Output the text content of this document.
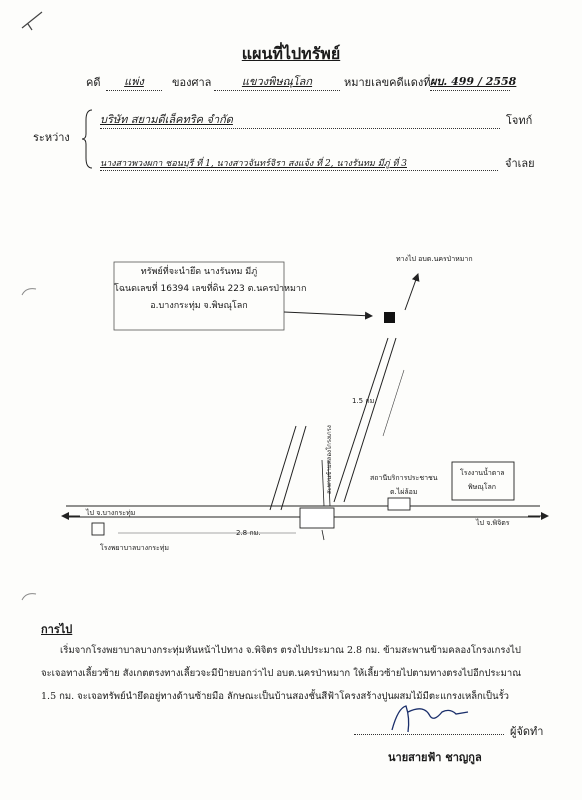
แผนที่ไปทรัพย์
คดี	แพ่ง	ของศาล	แขวงพิษณุโลก	หมายเลขคดีแดงที่ ผบ. 499 / 2558
ระหว่าง
บริษัท สยามดีเล็คทริค จำกัด	โจทก์
นางสาวพวงผกา ชอนบุรี ที่ 1, นางสาวจันทร์จิรา สงแจ้ง ที่ 2, นางรันทม มีภู่ ที่ 3	จำเลย
ทรัพย์ที่จะนำยึด นางรันทม มีภู่
โฉนดเลขที่ 16394 เลขที่ดิน 223 ต.นครป่าหมาก
อ.บางกระทุ่ม จ.พิษณุโลก
ทางไป อบต.นครป่าหมาก
1.5 กม.
2.8 กม.
สะพานข้ามคลองโกรงเกรง	สถานีบริการประชาชน
ต.ไผ่ล้อม
โรงงานน้ำตาล
พิษณุโลก
ไป จ.บางกระทุ่ม
ไป จ.พิจิตร
โรงพยาบาลบางกระทุ่ม
การไป
เริ่มจากโรงพยาบาลบางกระทุ่มหันหน้าไปทาง จ.พิจิตร ตรงไปประมาณ 2.8 กม. ข้ามสะพานข้ามคลองโกรงเกรงไป
จะเจอทางเลี้ยวซ้าย สังเกตตรงทางเลี้ยวจะมีป้ายบอกว่าไป อบต.นครป่าหมาก ให้เลี้ยวซ้ายไปตามทางตรงไปอีกประมาณ
1.5 กม. จะเจอทรัพย์นำยึดอยู่ทางด้านซ้ายมือ ลักษณะเป็นบ้านสองชั้นสีฟ้าโครงสร้างปูนผสมไม้มีตะแกรงเหล็กเป็นรั้ว
ผู้จัดทำ
นายสายฟ้า ชาญกูล
